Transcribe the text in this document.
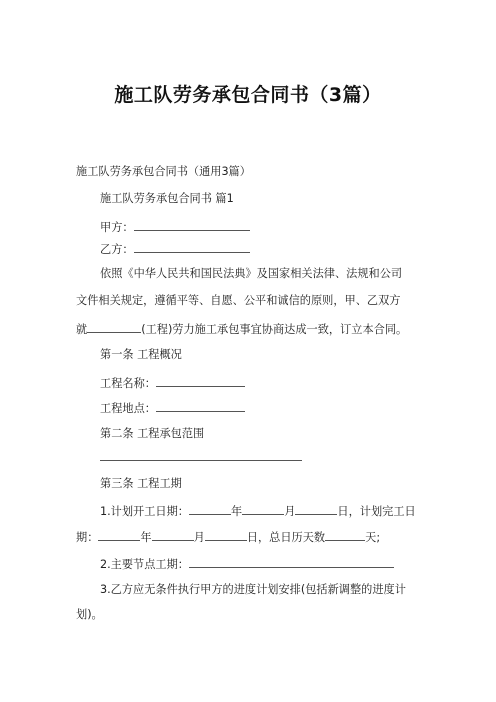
施工队劳务承包合同书（3篇）
施工队劳务承包合同书（通用3篇）
施工队劳务承包合同书 篇1
甲方：
乙方：
依照《中华人民共和国民法典》及国家相关法律、法规和公司
文件相关规定，遵循平等、自愿、公平和诚信的原则，甲、乙双方
就	(工程)劳力施工承包事宜协商达成一致，订立本合同。
第一条 工程概况
工程名称：
工程地点：
第二条 工程承包范围
第三条 工程工期
1.计划开工日期：	年	月	日，计划完工日
期：	年	月	日，总日历天数	天;
2.主要节点工期：
3.乙方应无条件执行甲方的进度计划安排(包括新调整的进度计
划)。
